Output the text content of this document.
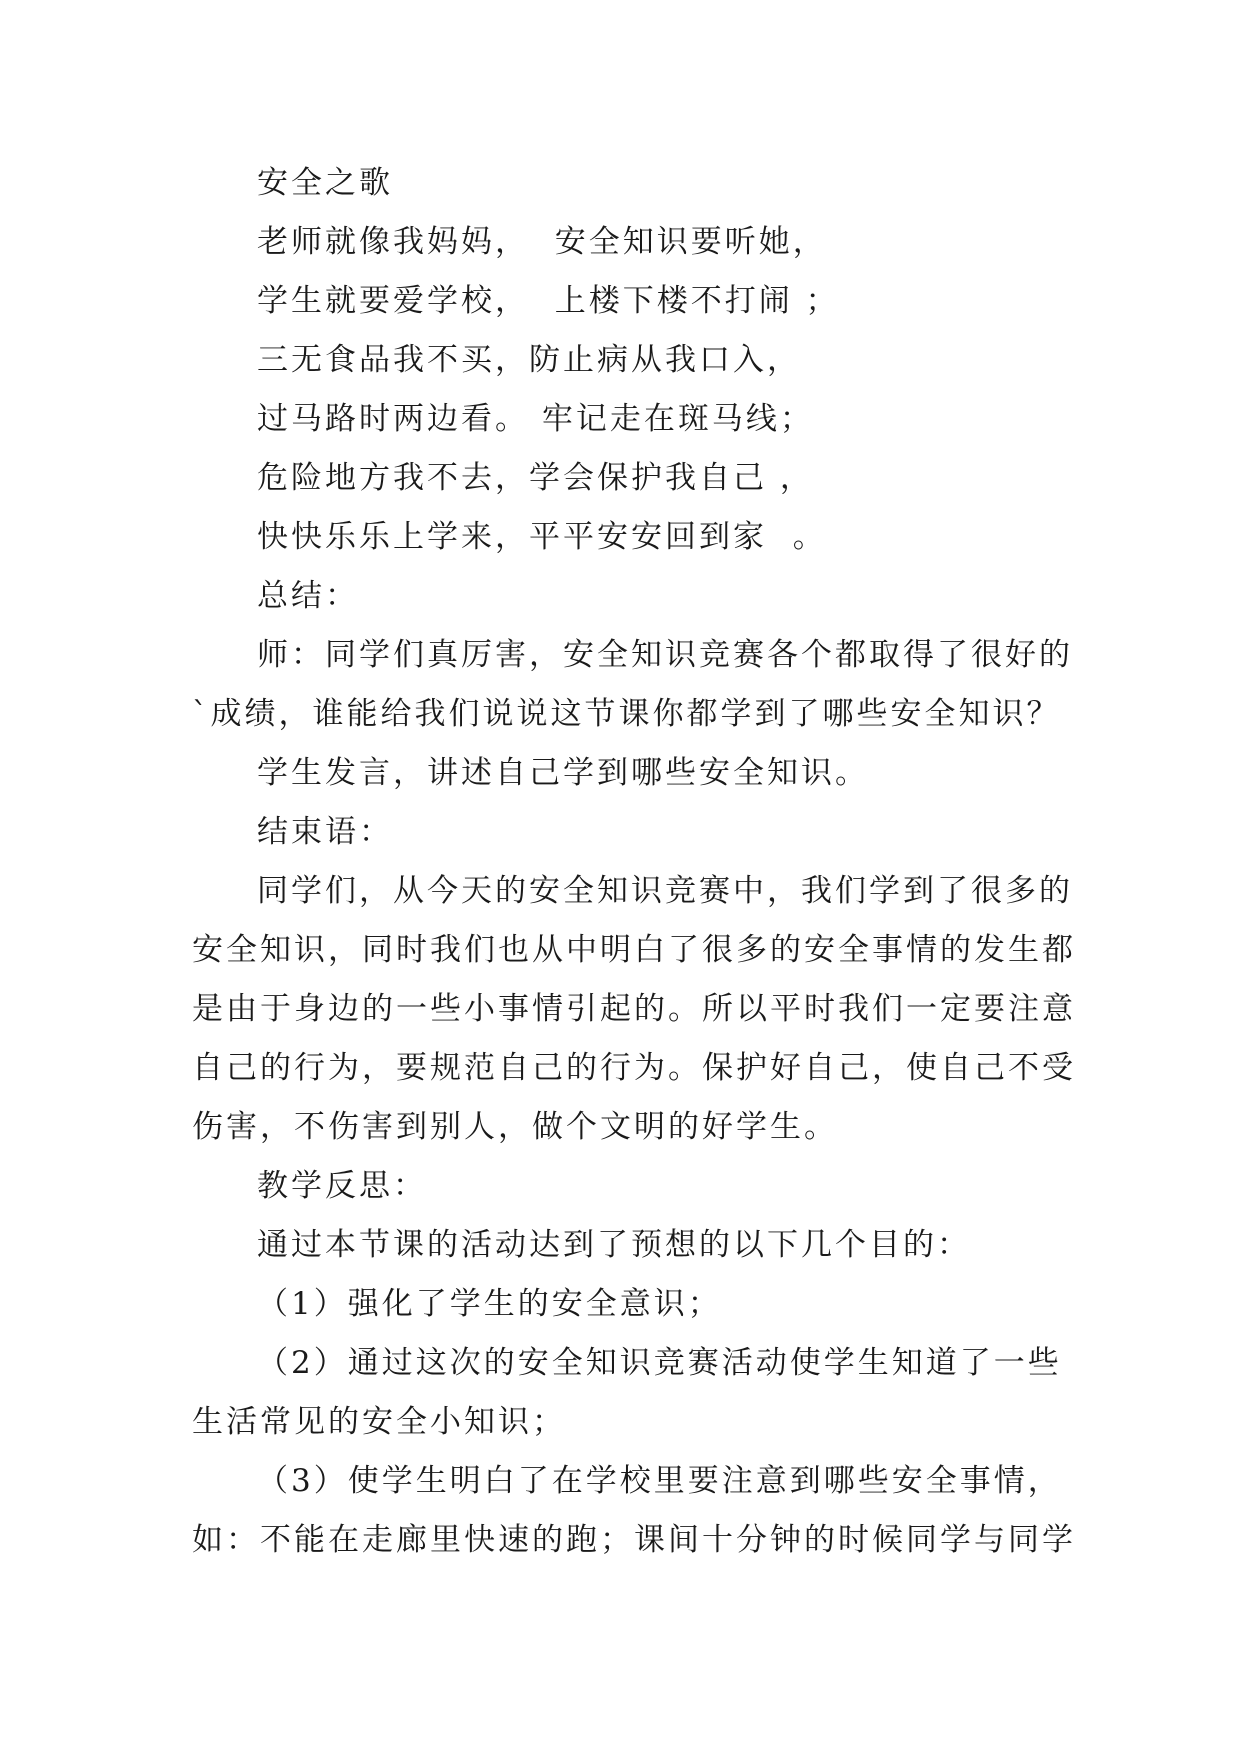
安全之歌

老师就像我妈妈，  安全知识要听她，

学生就要爱学校，  上楼下楼不打闹 ；

三无食品我不买，防止病从我口入，

过马路时两边看。 牢记走在斑马线；

危险地方我不去，学会保护我自己 ，

快快乐乐上学来，平平安安回到家  。

总结：

师：同学们真厉害，安全知识竞赛各个都取得了很好的

`成绩，谁能给我们说说这节课你都学到了哪些安全知识？

学生发言，讲述自己学到哪些安全知识。

结束语：

同学们，从今天的安全知识竞赛中，我们学到了很多的

安全知识，同时我们也从中明白了很多的安全事情的发生都

是由于身边的一些小事情引起的。所以平时我们一定要注意

自己的行为，要规范自己的行为。保护好自己，使自己不受

伤害，不伤害到别人，做个文明的好学生。

教学反思：

通过本节课的活动达到了预想的以下几个目的：

（1）强化了学生的安全意识；

（2）通过这次的安全知识竞赛活动使学生知道了一些

生活常见的安全小知识；

（3）使学生明白了在学校里要注意到哪些安全事情，

如：不能在走廊里快速的跑；课间十分钟的时候同学与同学
